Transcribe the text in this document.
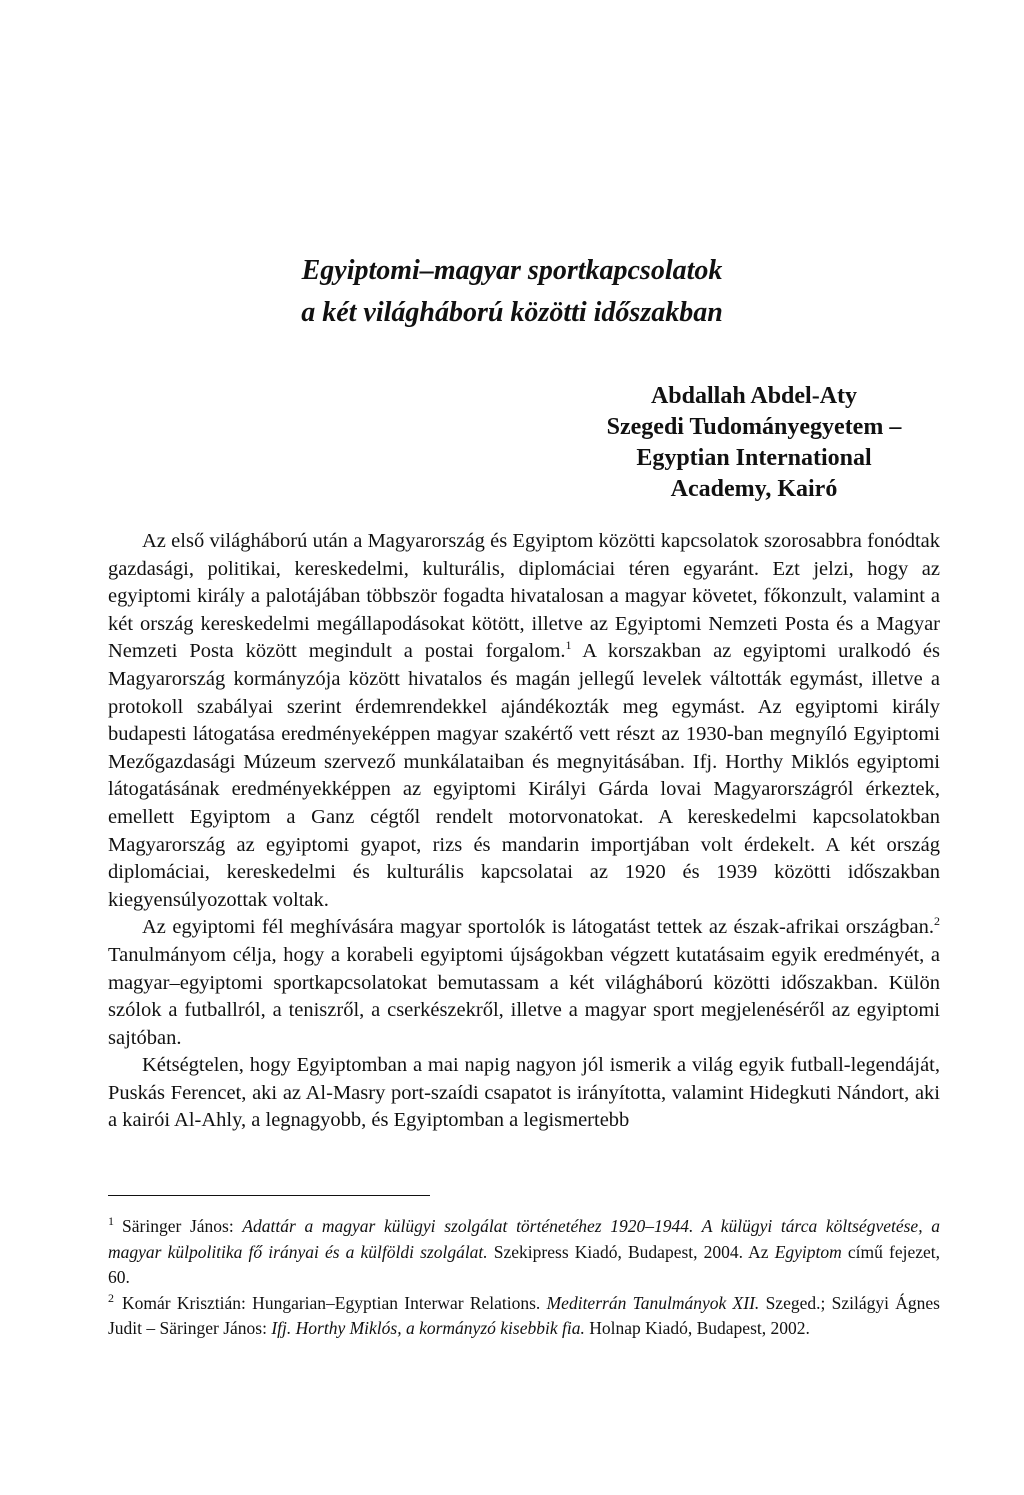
Egyiptomi–magyar sportkapcsolatok
a két világháború közötti időszakban
Abdallah Abdel-Aty
Szegedi Tudományegyetem –
Egyptian International
Academy, Kairó

Az első világháború után a Magyarország és Egyiptom közötti kapcsolatok szorosabbra fonódtak gazdasági, politikai, kereskedelmi, kulturális, diplomáciai téren egyaránt. Ezt jelzi, hogy az egyiptomi király a palotájában többször fogadta hivatalosan a magyar követet, főkonzult, valamint a két ország kereskedelmi megállapodásokat kötött, illetve az Egyiptomi Nemzeti Posta és a Magyar Nemzeti Posta között megindult a postai forgalom.$^1$ A korszakban az egyiptomi uralkodó és Magyarország kormányzója között hivatalos és magán jellegű levelek váltották egymást, illetve a protokoll szabályai szerint érdemrendekkel ajándékozták meg egymást. Az egyiptomi király budapesti látogatása eredményeképpen magyar szakértő vett részt az 1930-ban megnyíló Egyiptomi Mezőgazdasági Múzeum szervező munkálataiban és megnyitásában. Ifj. Horthy Miklós egyiptomi látogatásának eredményekképpen az egyiptomi Királyi Gárda lovai Magyarországról érkeztek, emellett Egyiptom a Ganz cégtől rendelt motorvonatokat. A kereskedelmi kapcsolatokban Magyarország az egyiptomi gyapot, rizs és mandarin importjában volt érdekelt. A két ország diplomáciai, kereskedelmi és kulturális kapcsolatai az 1920 és 1939 közötti időszakban kiegyensúlyozottak voltak.

Az egyiptomi fél meghívására magyar sportolók is látogatást tettek az észak-afrikai országban.$^2$ Tanulmányom célja, hogy a korabeli egyiptomi újságokban végzett kutatásaim egyik eredményét, a magyar–egyiptomi sportkapcsolatokat bemutassam a két világháború közötti időszakban. Külön szólok a futballról, a teniszről, a cserkészekről, illetve a magyar sport megjelenéséről az egyiptomi sajtóban.

Kétségtelen, hogy Egyiptomban a mai napig nagyon jól ismerik a világ egyik futball-legendáját, Puskás Ferencet, aki az Al-Masry port-szaídi csapatot is irányította, valamint Hidegkuti Nándort, aki a kairói Al-Ahly, a legnagyobb, és Egyiptomban a legismertebb

$^1$ Säringer János: Adattár a magyar külügyi szolgálat történetéhez 1920–1944. A külügyi tárca költségvetése, a magyar külpolitika fő irányai és a külföldi szolgálat. Szekipress Kiadó, Budapest, 2004. Az Egyiptom című fejezet, 60.

$^2$ Komár Krisztián: Hungarian–Egyptian Interwar Relations. Mediterrán Tanulmányok XII. Szeged.; Szilágyi Ágnes Judit – Säringer János: Ifj. Horthy Miklós, a kormányzó kisebbik fia. Holnap Kiadó, Budapest, 2002.
